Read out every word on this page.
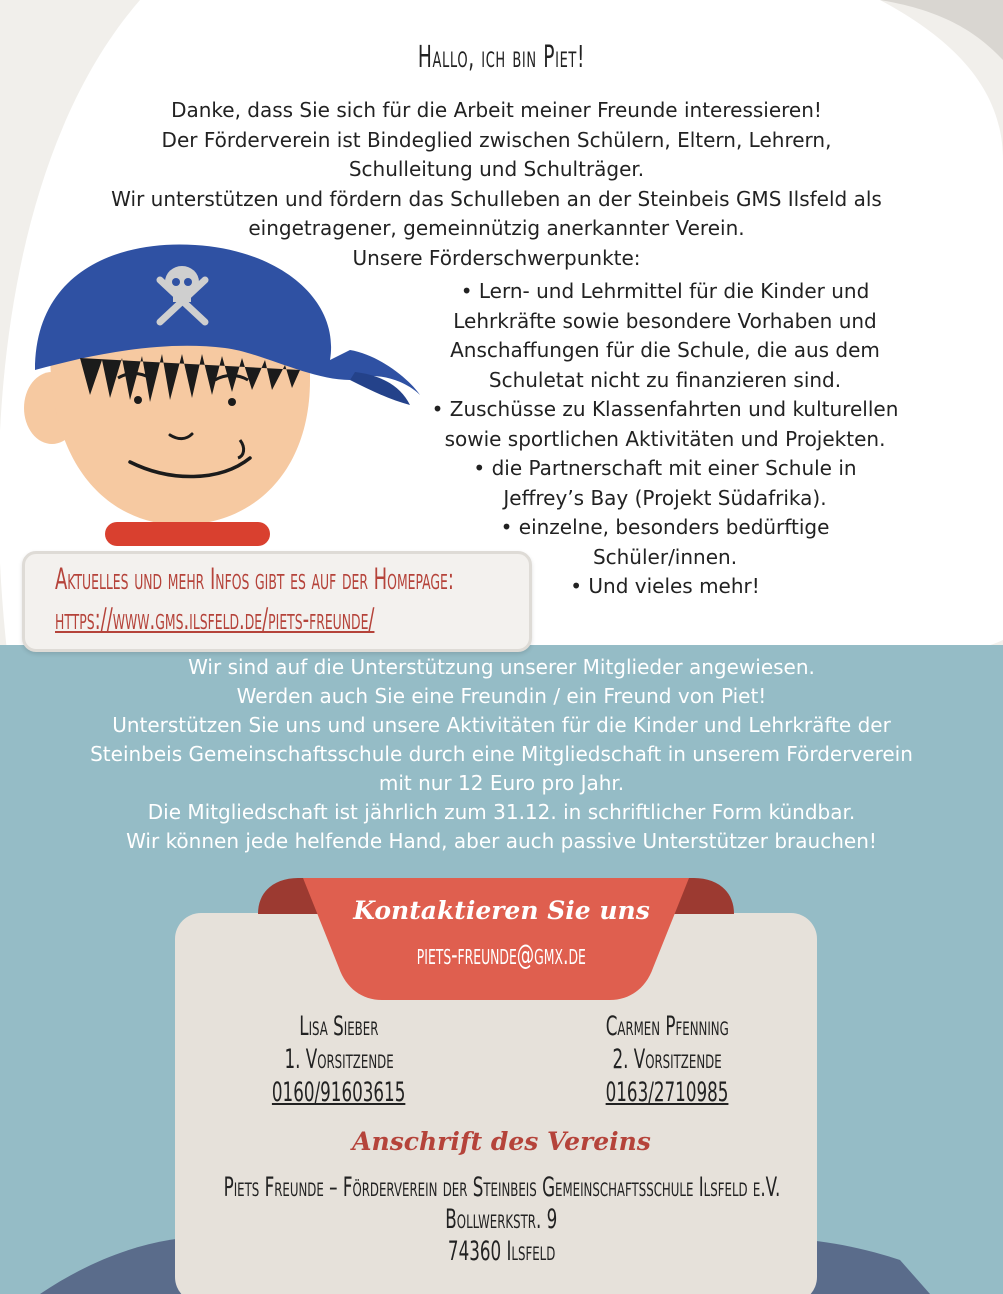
Hallo, ich bin Piet!
Danke, dass Sie sich für die Arbeit meiner Freunde interessieren!
Der Förderverein ist Bindeglied zwischen Schülern, Eltern, Lehrern,
Schulleitung und Schulträger.
Wir unterstützen und fördern das Schulleben an der Steinbeis GMS Ilsfeld als
eingetragener, gemeinnützig anerkannter Verein.
Unsere Förderschwerpunkte:
• Lern- und Lehrmittel für die Kinder und
Lehrkräfte sowie besondere Vorhaben und
Anschaffungen für die Schule, die aus dem
Schuletat nicht zu finanzieren sind.
• Zuschüsse zu Klassenfahrten und kulturellen
sowie sportlichen Aktivitäten und Projekten.
• die Partnerschaft mit einer Schule in
Jeffrey’s Bay (Projekt Südafrika).
• einzelne, besonders bedürftige
Schüler/innen.
• Und vieles mehr!
Aktuelles und mehr Infos gibt es auf der Homepage:
https://www.gms.ilsfeld.de/piets-freunde/
Wir sind auf die Unterstützung unserer Mitglieder angewiesen.
Werden auch Sie eine Freundin / ein Freund von Piet!
Unterstützen Sie uns und unsere Aktivitäten für die Kinder und Lehrkräfte der
Steinbeis Gemeinschaftsschule durch eine Mitgliedschaft in unserem Förderverein
mit nur 12 Euro pro Jahr.
Die Mitgliedschaft ist jährlich zum 31.12. in schriftlicher Form kündbar.
Wir können jede helfende Hand, aber auch passive Unterstützer brauchen!
Kontaktieren Sie uns
piets-freunde@gmx.de
Lisa Sieber
1. Vorsitzende
0160/91603615
Carmen Pfenning
2. Vorsitzende
0163/2710985
Anschrift des Vereins
Piets Freunde – Förderverein der Steinbeis Gemeinschaftsschule Ilsfeld e.V.
Bollwerkstr. 9
74360 Ilsfeld
